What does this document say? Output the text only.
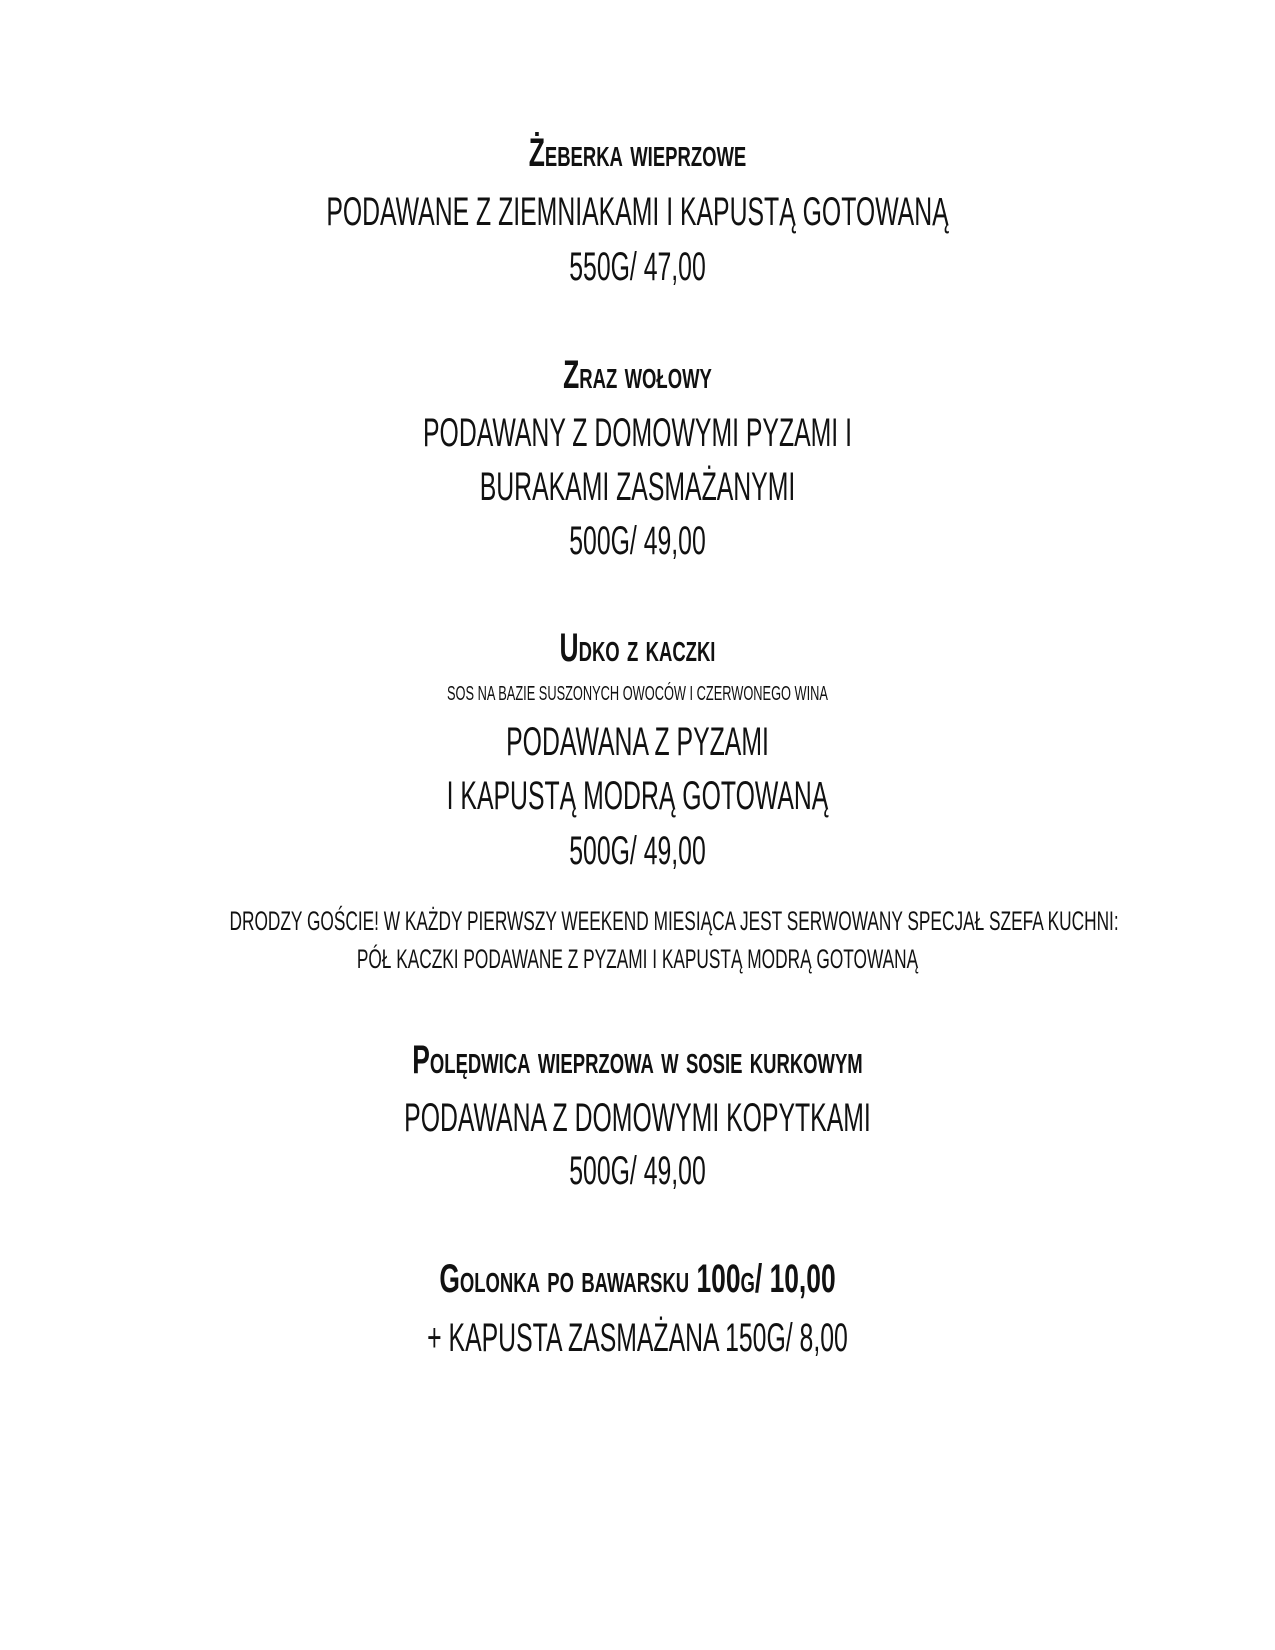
Żeberka wieprzowe
PODAWANE Z ZIEMNIAKAMI I KAPUSTĄ GOTOWANĄ
550G/ 47,00
Zraz wołowy
PODAWANY Z DOMOWYMI PYZAMI I
BURAKAMI ZASMAŻANYMI
500G/ 49,00
Udko z kaczki
SOS NA BAZIE SUSZONYCH OWOCÓW I CZERWONEGO WINA
PODAWANA Z PYZAMI
I KAPUSTĄ MODRĄ GOTOWANĄ
500G/ 49,00
DRODZY GOŚCIE! W KAŻDY PIERWSZY WEEKEND MIESIĄCA JEST SERWOWANY SPECJAŁ SZEFA KUCHNI:
PÓŁ KACZKI PODAWANE Z PYZAMI I KAPUSTĄ MODRĄ GOTOWANĄ
Polędwica wieprzowa w sosie kurkowym
PODAWANA Z DOMOWYMI KOPYTKAMI
500G/ 49,00
Golonka po bawarsku 100g/ 10,00
+ KAPUSTA ZASMAŻANA 150G/ 8,00
